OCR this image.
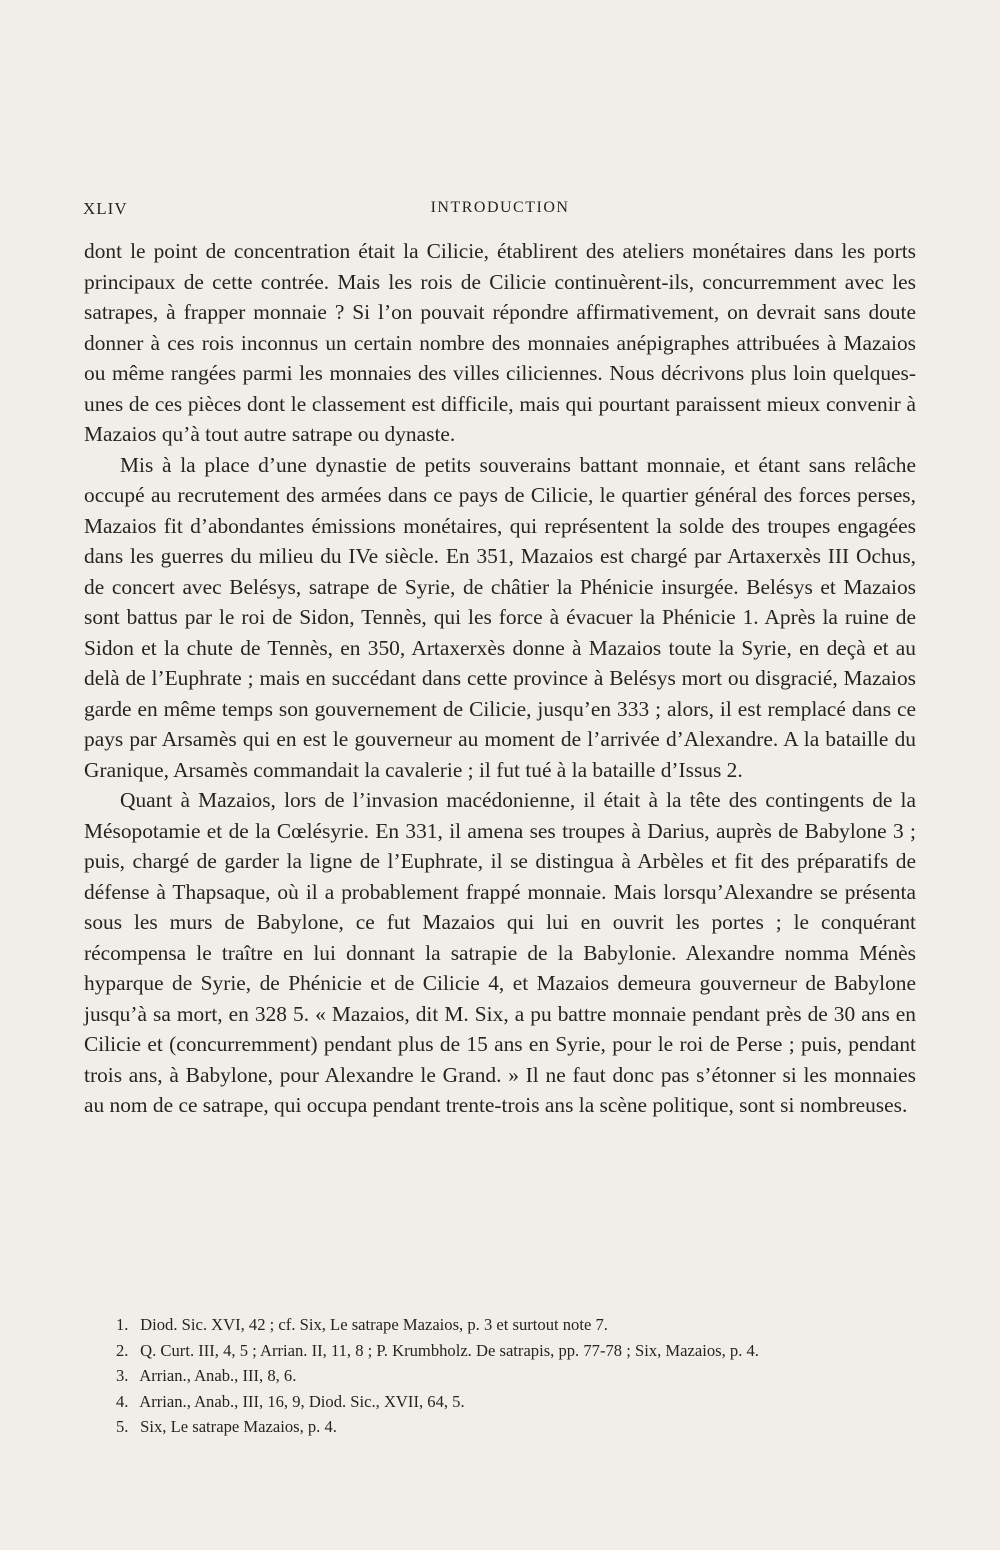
XLIV	INTRODUCTION

dont le point de concentration était la Cilicie, établirent des ateliers monétaires dans les ports principaux de cette contrée. Mais les rois de Cilicie continuèrent-ils, concurremment avec les satrapes, à frapper monnaie ? Si l’on pouvait répondre affirmativement, on devrait sans doute donner à ces rois inconnus un certain nombre des monnaies anépigraphes attribuées à Mazaios ou même rangées parmi les monnaies des villes ciliciennes. Nous décrivons plus loin quelques-unes de ces pièces dont le classement est difficile, mais qui pourtant paraissent mieux convenir à Mazaios qu’à tout autre satrape ou dynaste.

Mis à la place d’une dynastie de petits souverains battant monnaie, et étant sans relâche occupé au recrutement des armées dans ce pays de Cilicie, le quartier général des forces perses, Mazaios fit d’abondantes émissions monétaires, qui représentent la solde des troupes engagées dans les guerres du milieu du IVe siècle. En 351, Mazaios est chargé par Artaxerxès III Ochus, de concert avec Belésys, satrape de Syrie, de châtier la Phénicie insurgée. Belésys et Mazaios sont battus par le roi de Sidon, Tennès, qui les force à évacuer la Phénicie 1. Après la ruine de Sidon et la chute de Tennès, en 350, Artaxerxès donne à Mazaios toute la Syrie, en deçà et au delà de l’Euphrate ; mais en succédant dans cette province à Belésys mort ou disgracié, Mazaios garde en même temps son gouvernement de Cilicie, jusqu’en 333 ; alors, il est remplacé dans ce pays par Arsamès qui en est le gouverneur au moment de l’arrivée d’Alexandre. A la bataille du Granique, Arsamès commandait la cavalerie ; il fut tué à la bataille d’Issus 2.

Quant à Mazaios, lors de l’invasion macédonienne, il était à la tête des contingents de la Mésopotamie et de la Cœlésyrie. En 331, il amena ses troupes à Darius, auprès de Babylone 3 ; puis, chargé de garder la ligne de l’Euphrate, il se distingua à Arbèles et fit des préparatifs de défense à Thapsaque, où il a probablement frappé monnaie. Mais lorsqu’Alexandre se présenta sous les murs de Babylone, ce fut Mazaios qui lui en ouvrit les portes ; le conquérant récompensa le traître en lui donnant la satrapie de la Babylonie. Alexandre nomma Ménès hyparque de Syrie, de Phénicie et de Cilicie 4, et Mazaios demeura gouverneur de Babylone jusqu’à sa mort, en 328 5. « Mazaios, dit M. Six, a pu battre monnaie pendant près de 30 ans en Cilicie et (concurremment) pendant plus de 15 ans en Syrie, pour le roi de Perse ; puis, pendant trois ans, à Babylone, pour Alexandre le Grand. » Il ne faut donc pas s’étonner si les monnaies au nom de ce satrape, qui occupa pendant trente-trois ans la scène politique, sont si nombreuses.

1. Diod. Sic. XVI, 42 ; cf. Six, Le satrape Mazaios, p. 3 et surtout note 7.

2. Q. Curt. III, 4, 5 ; Arrian. II, 11, 8 ; P. Krumbholz. De satrapis, pp. 77-78 ; Six, Mazaios, p. 4.

3. Arrian., Anab., III, 8, 6.

4. Arrian., Anab., III, 16, 9, Diod. Sic., XVII, 64, 5.

5. Six, Le satrape Mazaios, p. 4.
